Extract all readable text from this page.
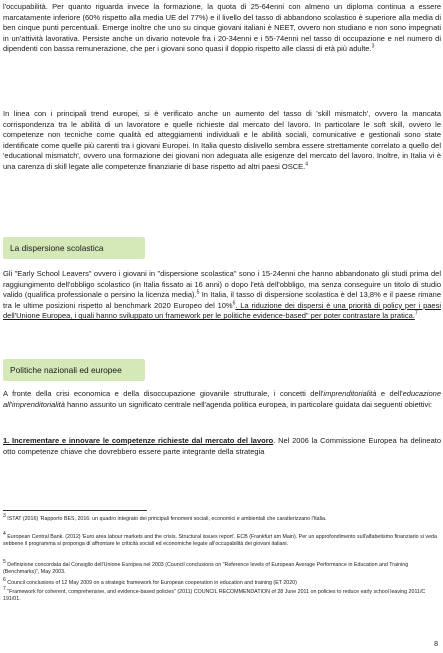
l'occupabilità. Per quanto riguarda invece la formazione, la quota di 25-64enni con almeno un diploma continua a essere marcatamente inferiore (60% rispetto alla media UE del 77%) e il livello del tasso di abbandono scolastico è superiore alla media di ben cinque punti percentuali. Emerge inoltre che uno su cinque giovani italiani è NEET, ovvero non studiano e non sono impegnati in un'attività lavorativa. Persiste anche un divario notevole fra i 20-34enni e i 55-74enni nel tasso di occupazione e nel numero di dipendenti con bassa remunerazione, che per i giovani sono quasi il doppio rispetto alle classi di età più adulte.$^3$

In linea con i principali trend europei, si è verificato anche un aumento del tasso di 'skill mismatch', ovvero la mancata corrispondenza tra le abilità di un lavoratore e quelle richieste dal mercato del lavoro. In particolare le soft skill, ovvero le competenze non tecniche come qualità ed atteggiamenti individuali e le abilità sociali, comunicative e gestionali sono state identificate come quelle più carenti tra i giovani Europei. In Italia questo dislivello sembra essere strettamente correlato a quello del 'educational mismatch', ovvero una formazione dei giovani non adeguata alle esigenze del mercato del lavoro. Inoltre, in Italia vi è una carenza di skill legate alle competenze finanziarie di base rispetto ad altri paesi OSCE.$^4$

La dispersione scolastica

Gli "Early School Leavers" ovvero i giovani in "dispersione scolastica" sono i 15-24enni che hanno abbandonato gli studi prima del raggiungimento dell'obbligo scolastico (in Italia fissato ai 16 anni) o dopo l'età dell'obbligo, ma senza conseguire un titolo di studio valido (qualifica professionale o persino la licenza media).$^5$ In Italia, il tasso di dispersione scolastica è del 13,8% e il paese rimane tra le ultime posizioni rispetto al benchmark 2020 Europeo del 10%$^6$. La riduzione dei dispersi è una priorità di policy per i paesi dell'Unione Europea, i quali hanno sviluppato un framework per le politiche evidence-based" per poter contrastare la pratica.$^7$

Politiche nazionali ed europee

A fronte della crisi economica e della disoccupazione giovanile strutturale, i concetti dell'imprenditorialità e dell'educazione all'imprenditorialità hanno assunto un significato centrale nell'agenda politica europea, in particolare guidata dai seguenti obiettivi:

1. Incrementare e innovare le competenze richieste dal mercato del lavoro. Nel 2006 la Commissione Europea ha delineato otto competenze chiave che dovrebbero essere parte integrante della strategia

$^3$ ISTAT (2016) 'Rapporto BES, 2016: un quadro integrato dei principali fenomeni sociali, economici e ambientali che caratterizzano l'Italia.

$^4$ European Central Bank. (2012) 'Euro area labour markets and the crisis. Structural issues report'. ECB (Frankfurt am Main). Per un approfondimento sull'alfabetismo finanziario si veda sebbene il programma si proponga di affrontare le criticità sociali ed economiche legate all'occupabilità dei giovani italiani.

$^5$ Definizione concordata dal Consiglio dell'Unione Europea nel 2003 (Council conclusions on "Reference levels of European Average Performance in Education and Training (Benchmarks)", May 2003.

$^6$ Council conclusions of 12 May 2009 on a strategic framework for European cooperation in education and training (ET 2020)

$^7$ "Framework for coherent, comprehensive, and evidence-based policies" (2011) COUNCIL RECOMMENDATION of 28 June 2011 on policies to reduce early school leaving 2011/C 191/01.

8
